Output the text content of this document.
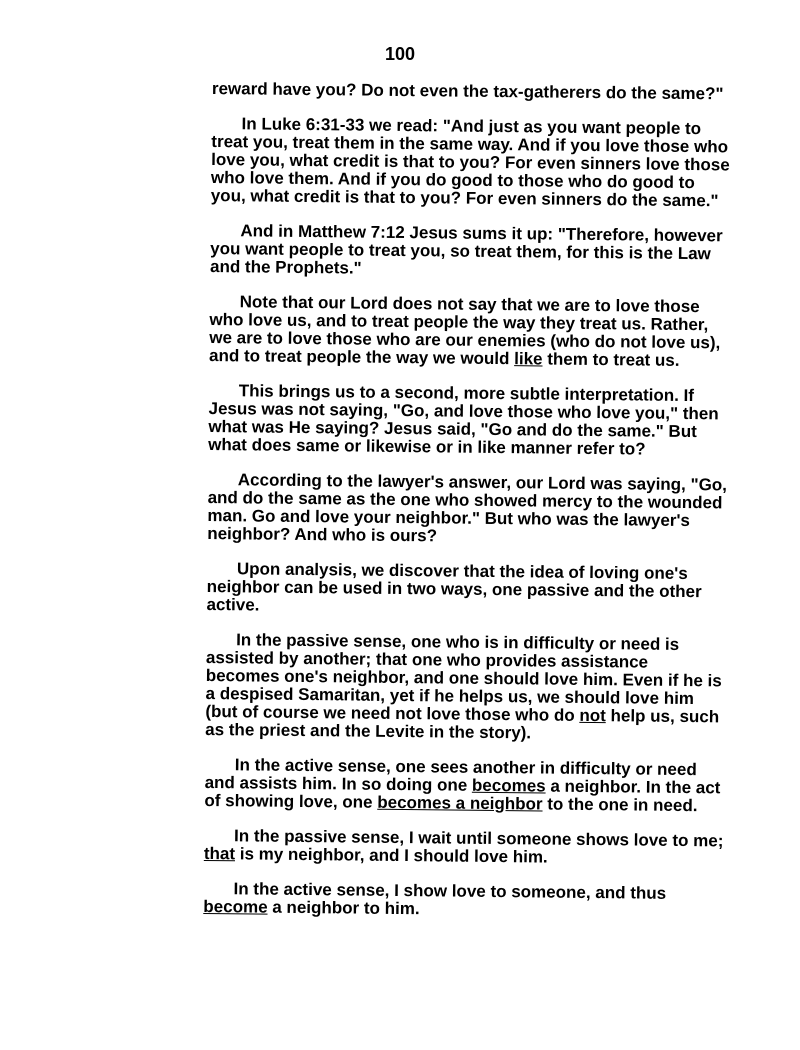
100

reward have you? Do not even the tax-gatherers do the same?"

In Luke 6:31-33 we read: "And just as you want people to treat you, treat them in the same way. And if you love those who love you, what credit is that to you? For even sinners love those who love them. And if you do good to those who do good to you, what credit is that to you? For even sinners do the same."

And in Matthew 7:12 Jesus sums it up: "Therefore, however you want people to treat you, so treat them, for this is the Law and the Prophets."

Note that our Lord does not say that we are to love those who love us, and to treat people the way they treat us. Rather, we are to love those who are our enemies (who do not love us), and to treat people the way we would like them to treat us.

This brings us to a second, more subtle interpretation. If Jesus was not saying, "Go, and love those who love you," then what was He saying? Jesus said, "Go and do the same." But what does same or likewise or in like manner refer to?

According to the lawyer's answer, our Lord was saying, "Go, and do the same as the one who showed mercy to the wounded man. Go and love your neighbor." But who was the lawyer's neighbor? And who is ours?

Upon analysis, we discover that the idea of loving one's neighbor can be used in two ways, one passive and the other active.

In the passive sense, one who is in difficulty or need is assisted by another; that one who provides assistance becomes one's neighbor, and one should love him. Even if he is a despised Samaritan, yet if he helps us, we should love him (but of course we need not love those who do not help us, such as the priest and the Levite in the story).

In the active sense, one sees another in difficulty or need and assists him. In so doing one becomes a neighbor. In the act of showing love, one becomes a neighbor to the one in need.

In the passive sense, I wait until someone shows love to me; that is my neighbor, and I should love him.

In the active sense, I show love to someone, and thus become a neighbor to him.
